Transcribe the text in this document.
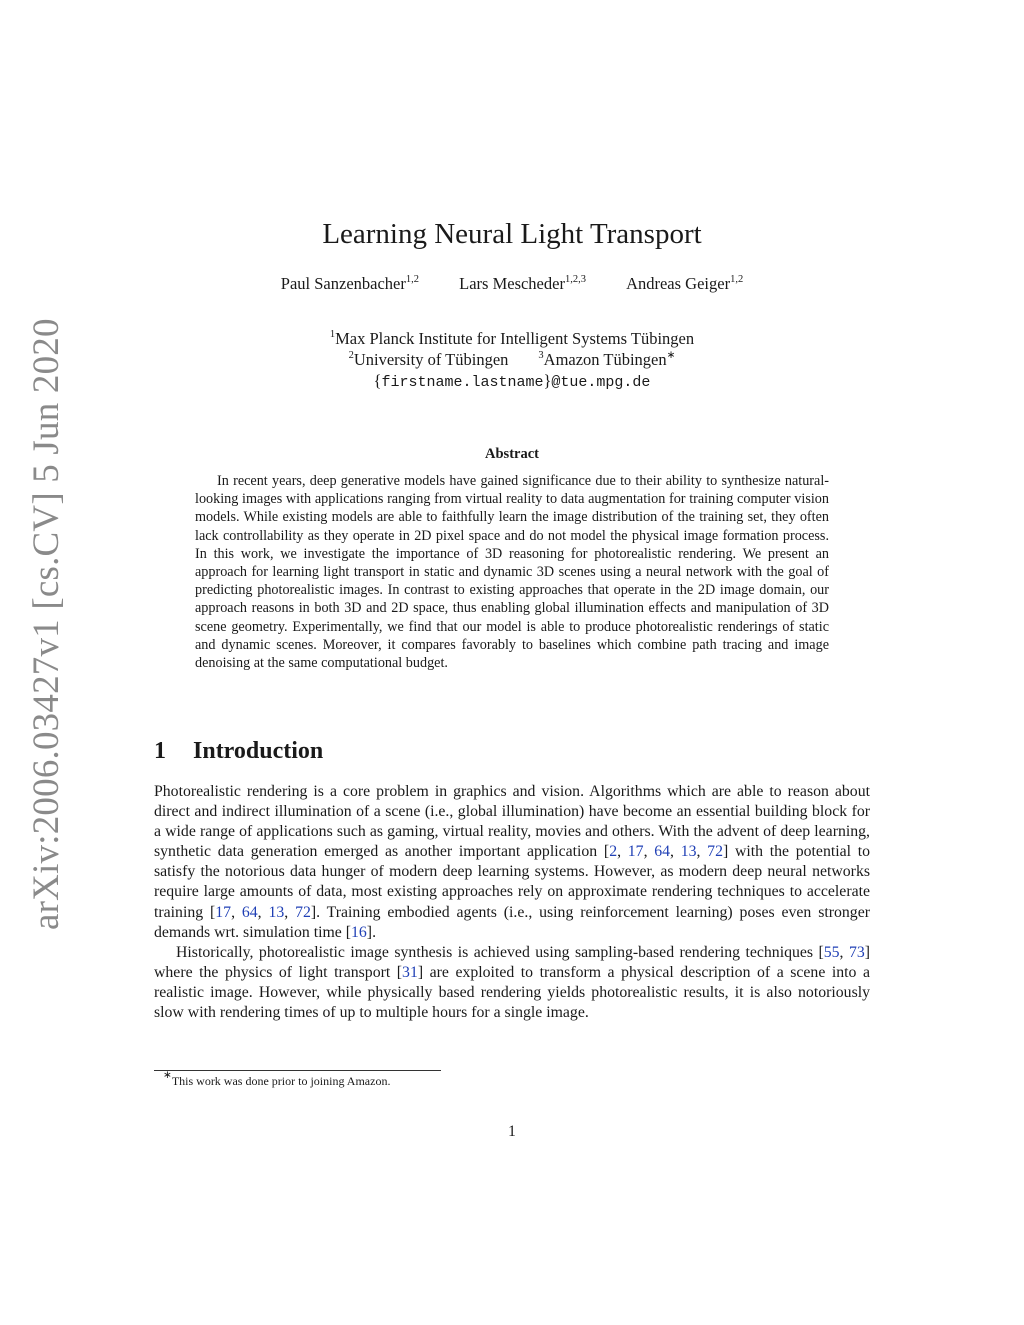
arXiv:2006.03427v1 [cs.CV] 5 Jun 2020
Learning Neural Light Transport
Paul Sanzenbacher$^{1,2}$ Lars Mescheder$^{1,2,3}$ Andreas Geiger$^{1,2}$
$^1$Max Planck Institute for Intelligent Systems Tübingen
$^2$University of Tübingen	$^3$Amazon Tübingen∗
{firstname.lastname}@tue.mpg.de
Abstract
In recent years, deep generative models have gained significance due to their ability to synthesize natural-looking images with applications ranging from virtual reality to data augmentation for training computer vision models. While existing models are able to faithfully learn the image distribution of the training set, they often lack controllability as they operate in 2D pixel space and do not model the physical image formation process. In this work, we investigate the importance of 3D reasoning for photorealistic rendering. We present an approach for learning light transport in static and dynamic 3D scenes using a neural network with the goal of predicting photorealistic images. In contrast to existing approaches that operate in the 2D image domain, our approach reasons in both 3D and 2D space, thus enabling global illumination effects and manipulation of 3D scene geometry. Experimentally, we find that our model is able to produce photorealistic renderings of static and dynamic scenes. Moreover, it compares favorably to baselines which combine path tracing and image denoising at the same computational budget.
1 Introduction

Photorealistic rendering is a core problem in graphics and vision. Algorithms which are able to reason about direct and indirect illumination of a scene (i.e., global illumination) have become an essential building block for a wide range of applications such as gaming, virtual reality, movies and others. With the advent of deep learning, synthetic data generation emerged as another important application [2, 17, 64, 13, 72] with the potential to satisfy the notorious data hunger of modern deep learning systems. However, as modern deep neural networks require large amounts of data, most existing approaches rely on approximate rendering techniques to accelerate training [17, 64, 13, 72]. Training embodied agents (i.e., using reinforcement learning) poses even stronger demands wrt. simulation time [16].

Historically, photorealistic image synthesis is achieved using sampling-based rendering techniques [55, 73] where the physics of light transport [31] are exploited to transform a physical description of a scene into a realistic image. However, while physically based rendering yields photorealistic results, it is also notoriously slow with rendering times of up to multiple hours for a single image.

∗This work was done prior to joining Amazon.
1
